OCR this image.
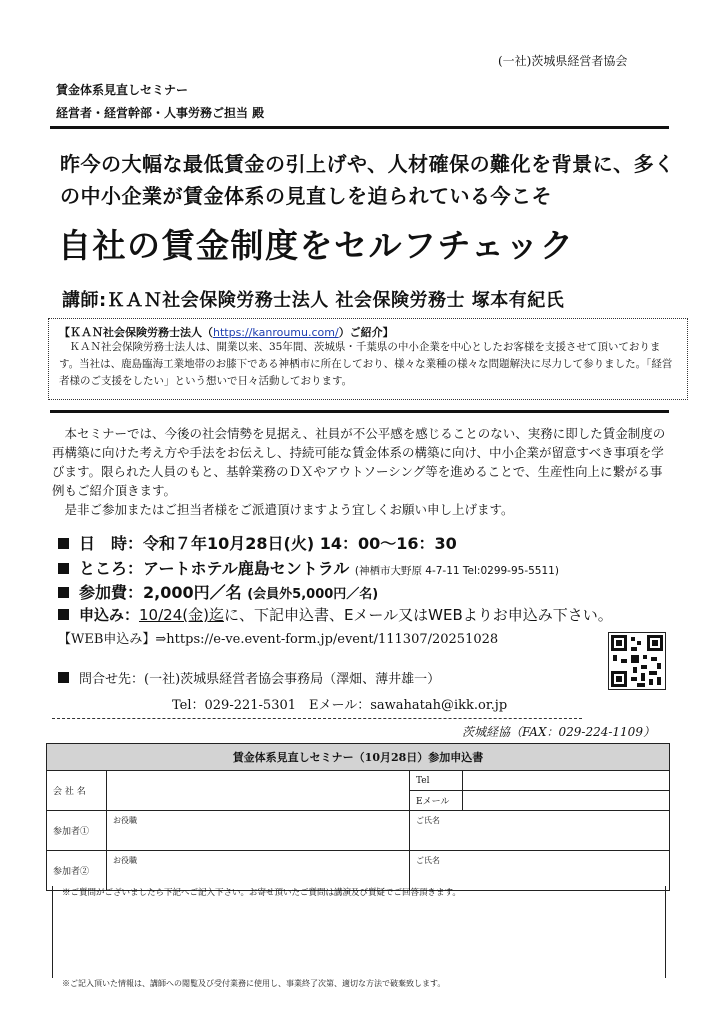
(一社)茨城県経営者協会
賃金体系見直しセミナー
経営者・経営幹部・人事労務ご担当 殿
昨今の大幅な最低賃金の引上げや、人材確保の難化を背景に、多くの中小企業が賃金体系の見直しを迫られている今こそ
自社の賃金制度をセルフチェック
講師:ＫＡＮ社会保険労務士法人 社会保険労務士 塚本有紀氏
【ＫＡＮ社会保険労務士法人（https://kanroumu.com/）ご紹介】
ＫＡＮ社会保険労務士法人は、開業以来、35年間、茨城県・千葉県の中小企業を中心としたお客様を支援させて頂いております。当社は、鹿島臨海工業地帯のお膝下である神栖市に所在しており、様々な業種の様々な問題解決に尽力して参りました。「経営者様のご支援をしたい」という想いで日々活動しております。

本セミナーでは、今後の社会情勢を見据え、社員が不公平感を感じることのない、実務に即した賃金制度の再構築に向けた考え方や手法をお伝えし、持続可能な賃金体系の構築に向け、中小企業が留意すべき事項を学びます。限られた人員のもと、基幹業務のＤＸやアウトソーシング等を進めることで、生産性向上に繋がる事例もご紹介頂きます。

是非ご参加またはご担当者様をご派遣頂けますよう宜しくお願い申し上げます。

日　時：令和７年10月28日(火) 14：00〜16：30
ところ：アートホテル鹿島セントラル (神栖市大野原 4-7-11 Tel:0299-95-5511)
参加費：2,000円／名 (会員外5,000円／名)
申込み：10/24(金)迄に、下記申込書、Eメール又はWEBよりお申込み下さい。
【WEB申込み】⇒https://e-ve.event-form.jp/event/111307/20251028
問合せ先：(一社)茨城県経営者協会事務局（澤畑、薄井雄一）
Tel：029-221-5301　Eメール：sawahatah@ikk.or.jp
茨城経協（FAX：029-224-1109）
賃金体系見直しセミナー（10月28日）参加申込書			
会 社 名		Tel	
		Eメール	
参加者①	お役職	ご氏名	
参加者②	お役職	ご氏名	
※ご質問がございましたら下記へご記入下さい。お寄せ頂いたご質問は講演及び質疑でご回答頂きます。
※ご記入頂いた情報は、講師への閲覧及び受付業務に使用し、事業終了次第、適切な方法で破棄致します。
